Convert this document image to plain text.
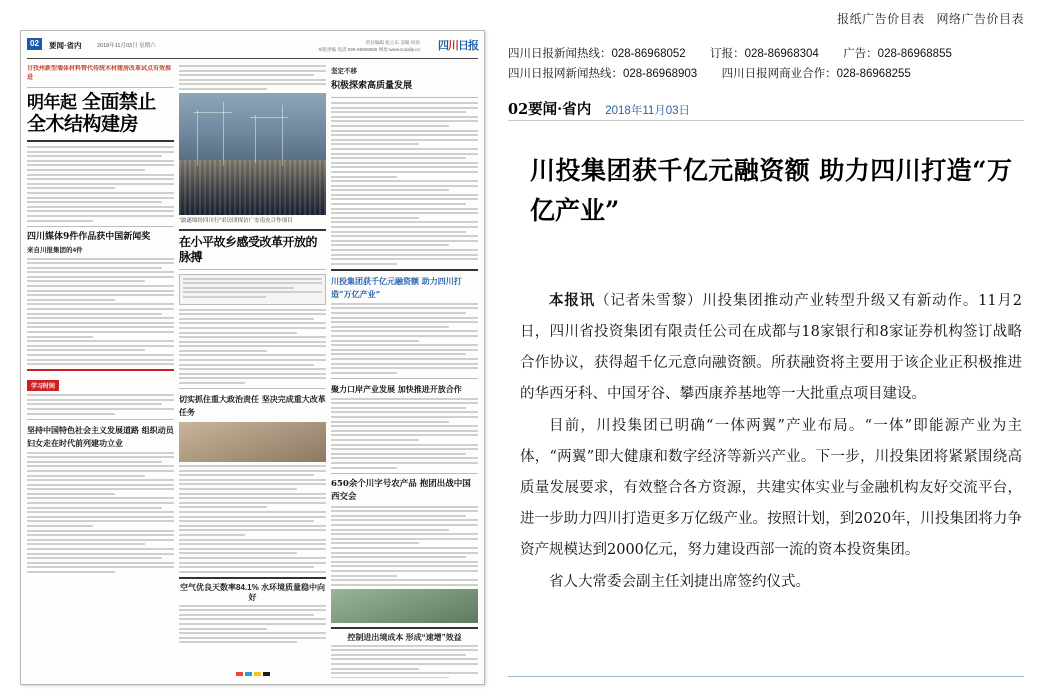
报纸广告价目表 网络广告价目表
四川日报新闻热线：028-86968052 订报：028-86968304 广告：028-86968855
四川日报网新闻热线：028-86968903 四川日报网商业合作：028-86968255
02要闻·省内 2018年11月03日
川投集团获千亿元融资额 助力四川打造“万亿产业”

本报讯（记者朱雪黎）川投集团推动产业转型升级又有新动作。11月2日，四川省投资集团有限责任公司在成都与18家银行和8家证券机构签订战略合作协议，获得超千亿元意向融资额。所获融资将主要用于该企业正积极推进的华西牙科、中国牙谷、攀西康养基地等一大批重点项目建设。

目前，川投集团已明确“一体两翼”产业布局。“一体”即能源产业为主体，“两翼”即大健康和数字经济等新兴产业。下一步，川投集团将紧紧围绕高质量发展要求，有效整合各方资源，共建实体实业与金融机构友好交流平台，进一步助力四川打造更多万亿级产业。按照计划，到2020年，川投集团将力争资产规模达到2000亿元，努力建设西部一流的资本投资集团。

省人大常委会副主任刘捷出席签约仪式。

02	要闻·省内	2018年11月03日 星期六
责任编辑 张立东 美编 何滨
本版责编 电话:028-86968855 网址:www.scdaily.cn 四川日报
甘孜州新型墙体材料替代传统木材建房改革试点有效推进
明年起 全面禁止全木结构建房
四川媒体9件作品获中国新闻奖
来自川报集团的4件
学习时间
坚持中国特色社会主义发展道路 组织动员妇女走在时代前列建功立业
“渝遂绵经四川行”采访团探访广安南充合作项目
在小平故乡感受改革开放的脉搏
切实抓住重大政治责任 坚决完成重大改革任务
空气优良天数率84.1% 水环境质量稳中向好
坚定不移
积极探索高质量发展
川投集团获千亿元融资额 助力四川打造“万亿产业”
聚力口岸产业发展 加快推进开放合作
650余个川字号农产品 抱团出战中国西交会
控制进出境成本 形成“速增”效益
